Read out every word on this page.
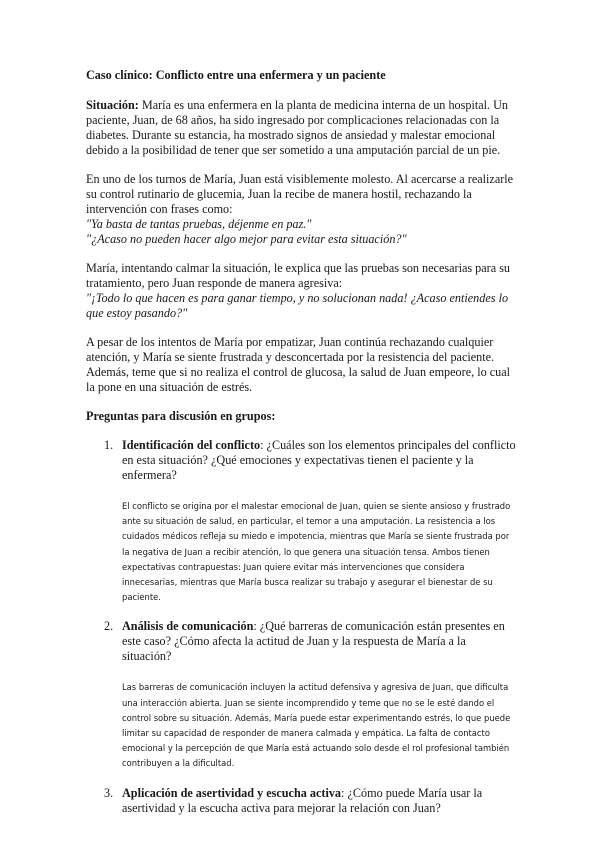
Caso clínico: Conflicto entre una enfermera y un paciente

Situación: María es una enfermera en la planta de medicina interna de un hospital. Un paciente, Juan, de 68 años, ha sido ingresado por complicaciones relacionadas con la diabetes. Durante su estancia, ha mostrado signos de ansiedad y malestar emocional debido a la posibilidad de tener que ser sometido a una amputación parcial de un pie.

En uno de los turnos de María, Juan está visiblemente molesto. Al acercarse a realizarle su control rutinario de glucemia, Juan la recibe de manera hostil, rechazando la intervención con frases como:
"Ya basta de tantas pruebas, déjenme en paz."
"¿Acaso no pueden hacer algo mejor para evitar esta situación?"

María, intentando calmar la situación, le explica que las pruebas son necesarias para su tratamiento, pero Juan responde de manera agresiva:
"¡Todo lo que hacen es para ganar tiempo, y no solucionan nada! ¿Acaso entiendes lo que estoy pasando?"

A pesar de los intentos de María por empatizar, Juan continúa rechazando cualquier atención, y María se siente frustrada y desconcertada por la resistencia del paciente. Además, teme que si no realiza el control de glucosa, la salud de Juan empeore, lo cual la pone en una situación de estrés.

Preguntas para discusión en grupos:
1. Identificación del conflicto: ¿Cuáles son los elementos principales del conflicto en esta situación? ¿Qué emociones y expectativas tienen el paciente y la enfermera?
El conflicto se origina por el malestar emocional de Juan, quien se siente ansioso y frustrado ante su situación de salud, en particular, el temor a una amputación. La resistencia a los cuidados médicos refleja su miedo e impotencia, mientras que María se siente frustrada por la negativa de Juan a recibir atención, lo que genera una situación tensa. Ambos tienen expectativas contrapuestas: Juan quiere evitar más intervenciones que considera innecesarias, mientras que María busca realizar su trabajo y asegurar el bienestar de su paciente.
2. Análisis de comunicación: ¿Qué barreras de comunicación están presentes en este caso? ¿Cómo afecta la actitud de Juan y la respuesta de María a la situación?
Las barreras de comunicación incluyen la actitud defensiva y agresiva de Juan, que dificulta una interacción abierta. Juan se siente incomprendido y teme que no se le esté dando el control sobre su situación. Además, María puede estar experimentando estrés, lo que puede limitar su capacidad de responder de manera calmada y empática. La falta de contacto emocional y la percepción de que María está actuando solo desde el rol profesional también contribuyen a la dificultad.
3. Aplicación de asertividad y escucha activa: ¿Cómo puede María usar la asertividad y la escucha activa para mejorar la relación con Juan?
